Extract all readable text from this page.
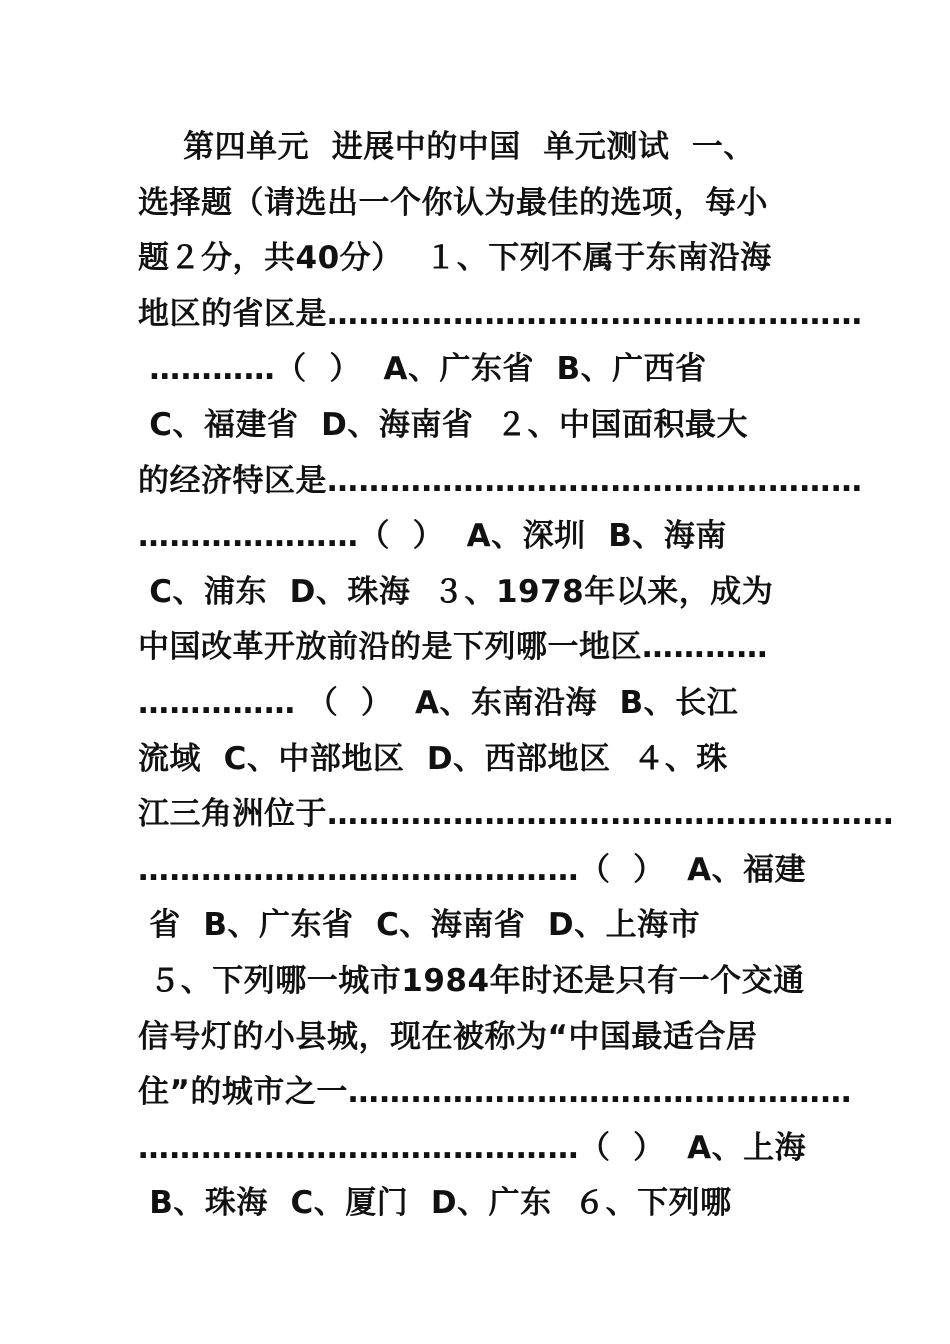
第四单元  进展中的中国  单元测试  一、
选择题（请选出一个你认为最佳的选项，每小
题２分，共40分）  １、下列不属于东南沿海
地区的省区是……………………………………………
…………（  ）  A、广东省  B、广西省
C、福建省  D、海南省  ２、中国面积最大
的经济特区是……………………………………………
…………………（  ）  A、深圳  B、海南
C、浦东  D、珠海  ３、1978年以来，成为
中国改革开放前沿的是下列哪一地区…………
…………… （  ）  A、东南沿海  B、长江
流域  C、中部地区  D、西部地区  ４、珠
江三角洲位于………………………………………………
……………………………………（  ）  A、福建
省  B、广东省  C、海南省  D、上海市
５、下列哪一城市1984年时还是只有一个交通
信号灯的小县城，现在被称为“中国最适合居
住”的城市之一…………………………………………
……………………………………（  ）  A、上海
B、珠海  C、厦门  D、广东  ６、下列哪
